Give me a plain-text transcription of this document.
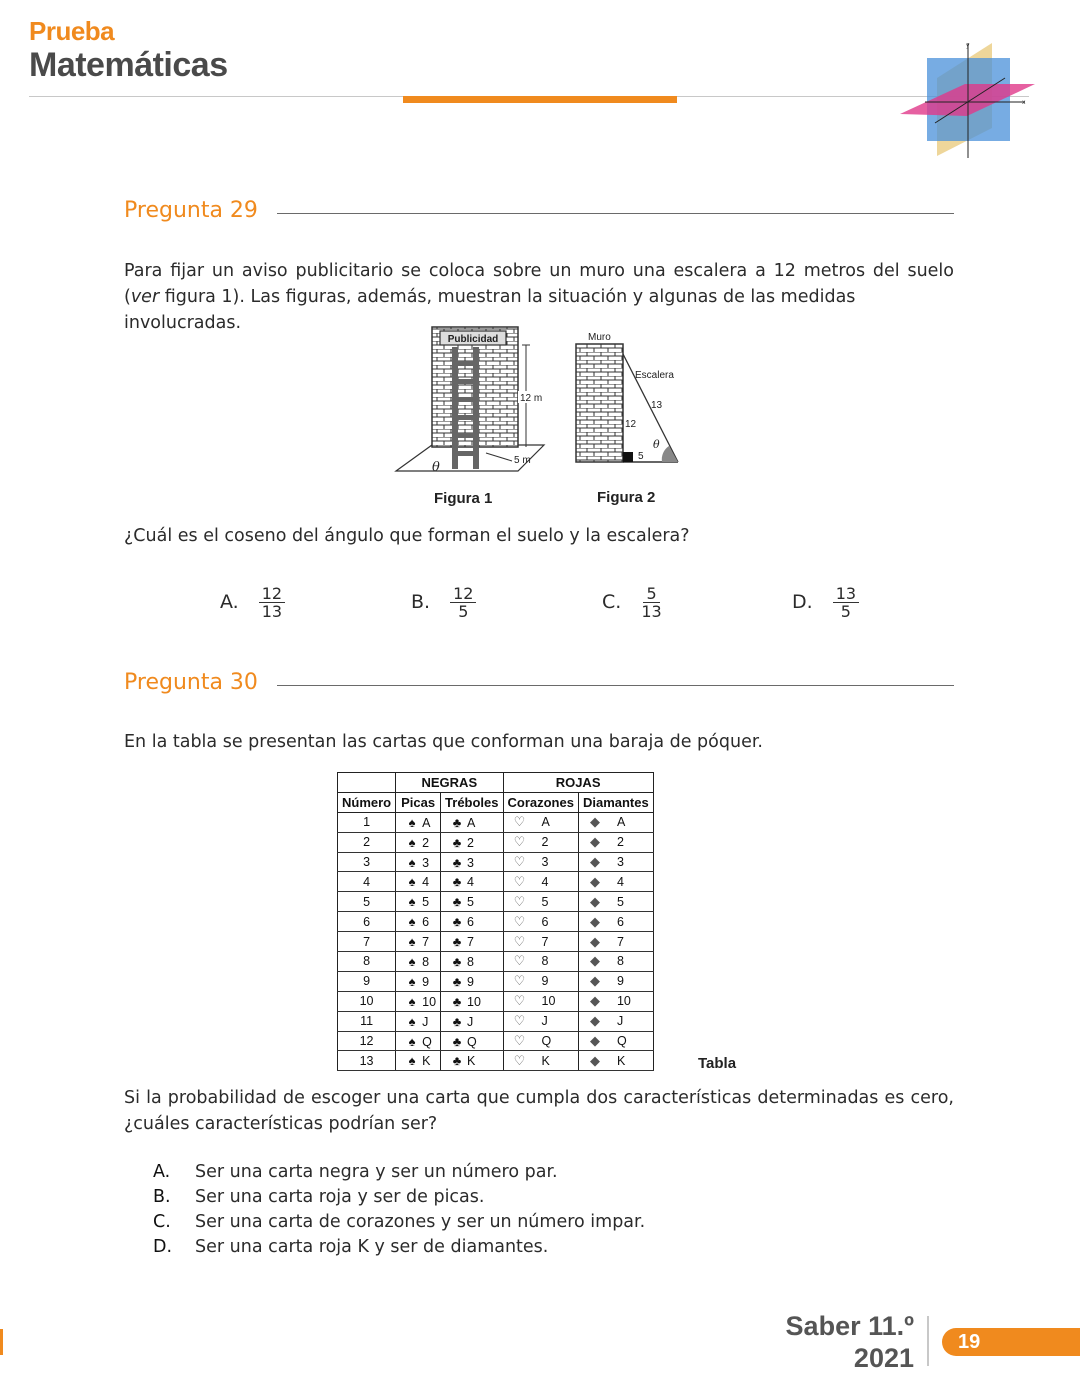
Prueba
Matemáticas
y
x
Pregunta 29
Para fijar un aviso publicitario se coloca sobre un muro una escalera a 12 metros del suelo
(ver figura 1). Las figuras, además, muestran la situación y algunas de las medidas involucradas.
Publicidad
12 m
5 m
θ
Figura 1
Muro
12
Escalera
13
5
θ
Figura 2
¿Cuál es el coseno del ángulo que forman el suelo y la escalera?
A. $\frac{12}{13}$	B. $\frac{12}{5}$	C. $\frac{5}{13}$	D. $\frac{13}{5}$
Pregunta 30
En la tabla se presentan las cartas que conforman una baraja de póquer.
	NEGRAS		ROJAS	
Número	Picas	Tréboles	Corazones	Diamantes
1	♠ A	♣ A	♡ A	◆ A
2	♠ 2	♣ 2	♡ 2	◆ 2
3	♠ 3	♣ 3	♡ 3	◆ 3
4	♠ 4	♣ 4	♡ 4	◆ 4
5	♠ 5	♣ 5	♡ 5	◆ 5
6	♠ 6	♣ 6	♡ 6	◆ 6
7	♠ 7	♣ 7	♡ 7	◆ 7
8	♠ 8	♣ 8	♡ 8	◆ 8
9	♠ 9	♣ 9	♡ 9	◆ 9
10	♠ 10	♣ 10	♡ 10	◆ 10
11	♠ J	♣ J	♡ J	◆ J
12	♠ Q	♣ Q	♡ Q	◆ Q
13	♠ K	♣ K	♡ K	◆ K	Tabla
Si la probabilidad de escoger una carta que cumpla dos características determinadas es cero,
¿cuáles características podrían ser?
A.	Ser una carta negra y ser un número par.
B.	Ser una carta roja y ser de picas.
C.	Ser una carta de corazones y ser un número impar.
D.	Ser una carta roja K y ser de diamantes.
Saber 11.º
2021
19
